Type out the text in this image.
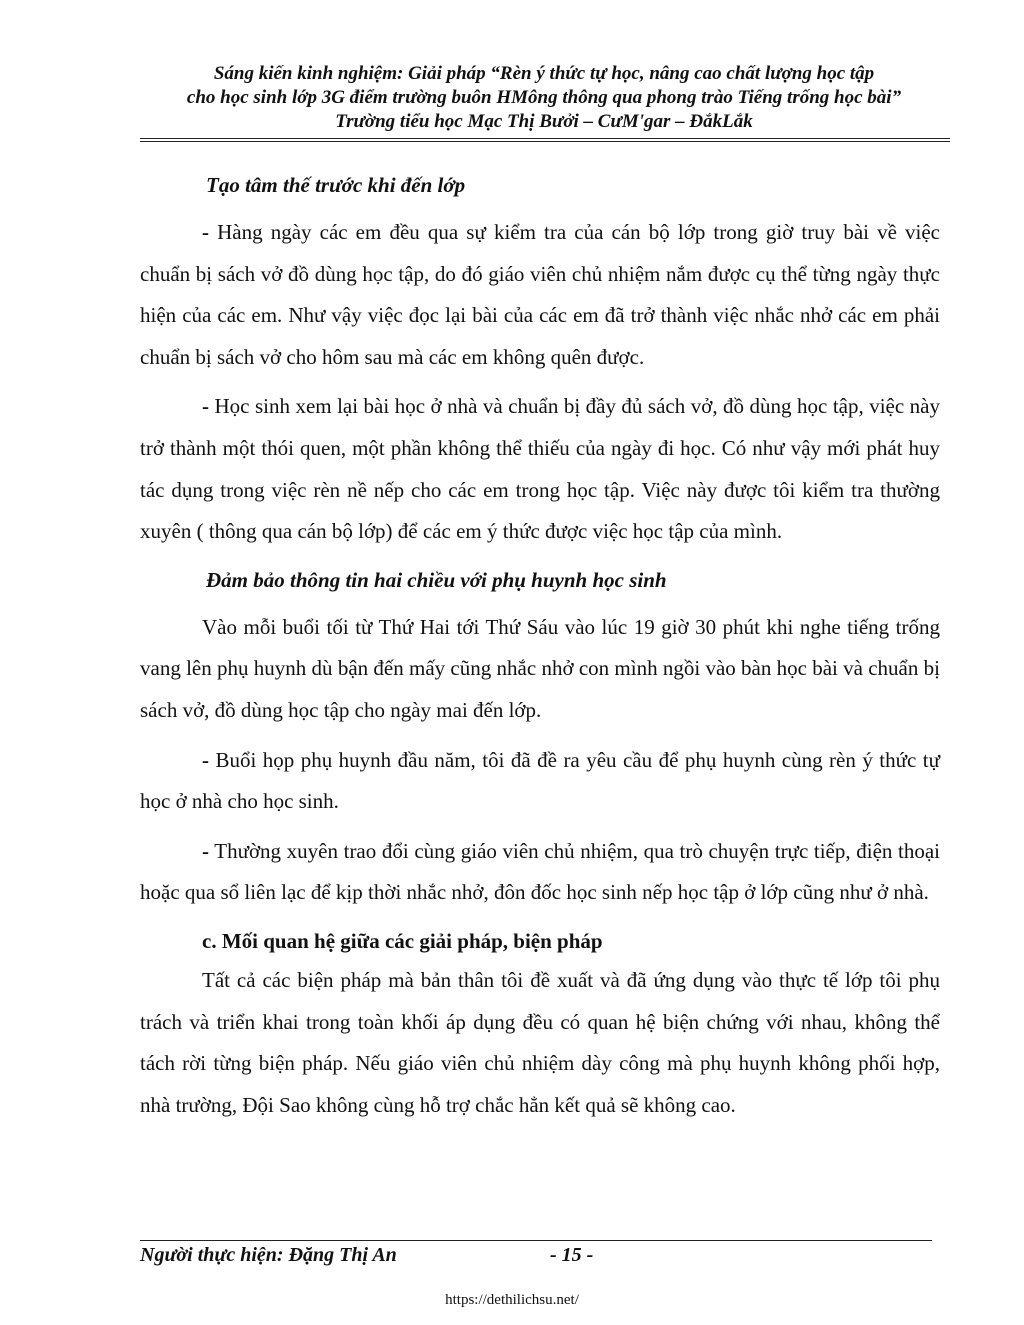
Sáng kiến kinh nghiệm: Giải pháp “Rèn ý thức tự học, nâng cao chất lượng học tập
cho học sinh lớp 3G điểm trường buôn HMông thông qua phong trào Tiếng trống học bài”
Trường tiểu học Mạc Thị Bưởi – CưM'gar – ĐắkLắk
Tạo tâm thế trước khi đến lớp

- Hàng ngày các em đều qua sự kiểm tra của cán bộ lớp trong giờ truy bài về việc chuẩn bị sách vở đồ dùng học tập, do đó giáo viên chủ nhiệm nắm được cụ thể từng ngày thực hiện của các em. Như vậy việc đọc lại bài của các em đã trở thành việc nhắc nhở các em phải chuẩn bị sách vở cho hôm sau mà các em không quên được.

- Học sinh xem lại bài học ở nhà và chuẩn bị đầy đủ sách vở, đồ dùng học tập, việc này trở thành một thói quen, một phần không thể thiếu của ngày đi học. Có như vậy mới phát huy tác dụng trong việc rèn nề nếp cho các em trong học tập. Việc này được tôi kiểm tra thường xuyên ( thông qua cán bộ lớp) để các em ý thức được việc học tập của mình.

Đảm bảo thông tin hai chiều với phụ huynh học sinh

Vào mỗi buổi tối từ Thứ Hai tới Thứ Sáu vào lúc 19 giờ 30 phút khi nghe tiếng trống vang lên phụ huynh dù bận đến mấy cũng nhắc nhở con mình ngồi vào bàn học bài và chuẩn bị sách vở, đồ dùng học tập cho ngày mai đến lớp.

- Buổi họp phụ huynh đầu năm, tôi đã đề ra yêu cầu để phụ huynh cùng rèn ý thức tự học ở nhà cho học sinh.

- Thường xuyên trao đổi cùng giáo viên chủ nhiệm, qua trò chuyện trực tiếp, điện thoại hoặc qua sổ liên lạc để kịp thời nhắc nhở, đôn đốc học sinh nếp học tập ở lớp cũng như ở nhà.

c. Mối quan hệ giữa các giải pháp, biện pháp

Tất cả các biện pháp mà bản thân tôi đề xuất và đã ứng dụng vào thực tế lớp tôi phụ trách và triển khai trong toàn khối áp dụng đều có quan hệ biện chứng với nhau, không thể tách rời từng biện pháp. Nếu giáo viên chủ nhiệm dày công mà phụ huynh không phối hợp, nhà trường, Đội Sao không cùng hỗ trợ chắc hẳn kết quả sẽ không cao.

Người thực hiện: Đặng Thị An	- 15 -
https://dethilichsu.net/
